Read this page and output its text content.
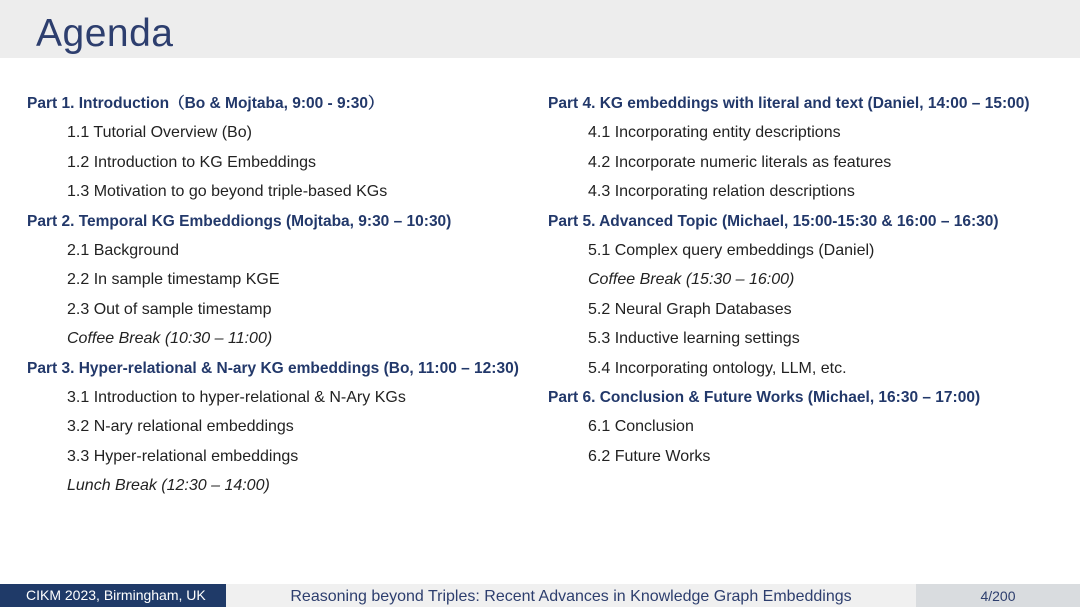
Agenda
Part 1. Introduction（Bo & Mojtaba, 9:00 - 9:30）
1.1 Tutorial Overview (Bo)
1.2 Introduction to KG Embeddings
1.3 Motivation to go beyond triple-based KGs
Part 2. Temporal KG Embeddiongs (Mojtaba, 9:30 – 10:30)
2.1 Background
2.2 In sample timestamp KGE
2.3 Out of sample timestamp
Coffee Break (10:30 – 11:00)
Part 3. Hyper-relational & N-ary KG embeddings (Bo, 11:00 – 12:30)
3.1 Introduction to hyper-relational & N-Ary KGs
3.2 N-ary relational embeddings
3.3 Hyper-relational embeddings
Lunch Break (12:30 – 14:00)
Part 4. KG embeddings with literal and text (Daniel, 14:00 – 15:00)
4.1 Incorporating entity descriptions
4.2 Incorporate numeric literals as features
4.3 Incorporating relation descriptions
Part 5. Advanced Topic (Michael, 15:00-15:30 & 16:00 – 16:30)
5.1 Complex query embeddings (Daniel)
Coffee Break (15:30 – 16:00)
5.2 Neural Graph Databases
5.3 Inductive learning settings
5.4 Incorporating ontology, LLM, etc.
Part 6. Conclusion & Future Works (Michael, 16:30 – 17:00)
6.1 Conclusion
6.2 Future Works
CIKM 2023, Birmingham, UK	Reasoning beyond Triples: Recent Advances in Knowledge Graph Embeddings	4/200
